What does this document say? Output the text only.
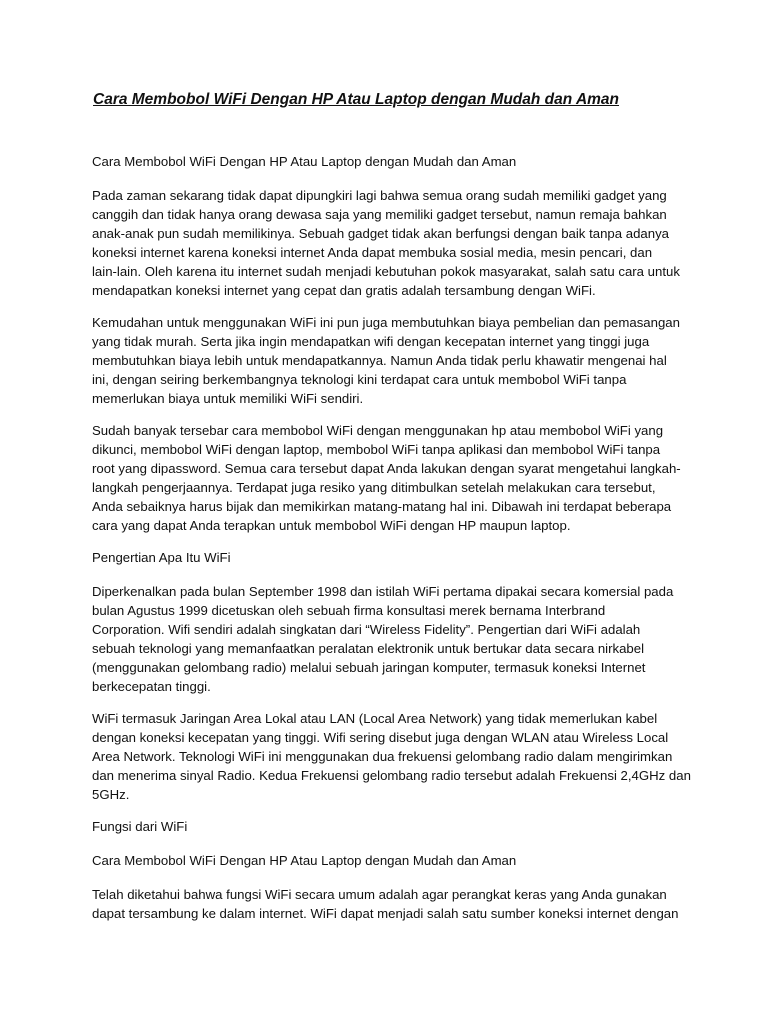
Cara Membobol WiFi Dengan HP Atau Laptop dengan Mudah dan Aman

Cara Membobol WiFi Dengan HP Atau Laptop dengan Mudah dan Aman

Pada zaman sekarang tidak dapat dipungkiri lagi bahwa semua orang sudah memiliki gadget yang
canggih dan tidak hanya orang dewasa saja yang memiliki gadget tersebut, namun remaja bahkan
anak-anak pun sudah memilikinya. Sebuah gadget tidak akan berfungsi dengan baik tanpa adanya
koneksi internet karena koneksi internet Anda dapat membuka sosial media, mesin pencari, dan
lain-lain. Oleh karena itu internet sudah menjadi kebutuhan pokok masyarakat, salah satu cara untuk
mendapatkan koneksi internet yang cepat dan gratis adalah tersambung dengan WiFi.

Kemudahan untuk menggunakan WiFi ini pun juga membutuhkan biaya pembelian dan pemasangan
yang tidak murah. Serta jika ingin mendapatkan wifi dengan kecepatan internet yang tinggi juga
membutuhkan biaya lebih untuk mendapatkannya. Namun Anda tidak perlu khawatir mengenai hal
ini, dengan seiring berkembangnya teknologi kini terdapat cara untuk membobol WiFi tanpa
memerlukan biaya untuk memiliki WiFi sendiri.

Sudah banyak tersebar cara membobol WiFi dengan menggunakan hp atau membobol WiFi yang
dikunci, membobol WiFi dengan laptop, membobol WiFi tanpa aplikasi dan membobol WiFi tanpa
root yang dipassword. Semua cara tersebut dapat Anda lakukan dengan syarat mengetahui langkah-
langkah pengerjaannya. Terdapat juga resiko yang ditimbulkan setelah melakukan cara tersebut,
Anda sebaiknya harus bijak dan memikirkan matang-matang hal ini. Dibawah ini terdapat beberapa
cara yang dapat Anda terapkan untuk membobol WiFi dengan HP maupun laptop.

Pengertian Apa Itu WiFi

Diperkenalkan pada bulan September 1998 dan istilah WiFi pertama dipakai secara komersial pada
bulan Agustus 1999 dicetuskan oleh sebuah firma konsultasi merek bernama Interbrand
Corporation. Wifi sendiri adalah singkatan dari “Wireless Fidelity”. Pengertian dari WiFi adalah
sebuah teknologi yang memanfaatkan peralatan elektronik untuk bertukar data secara nirkabel
(menggunakan gelombang radio) melalui sebuah jaringan komputer, termasuk koneksi Internet
berkecepatan tinggi.

WiFi termasuk Jaringan Area Lokal atau LAN (Local Area Network) yang tidak memerlukan kabel
dengan koneksi kecepatan yang tinggi. Wifi sering disebut juga dengan WLAN atau Wireless Local
Area Network. Teknologi WiFi ini menggunakan dua frekuensi gelombang radio dalam mengirimkan
dan menerima sinyal Radio. Kedua Frekuensi gelombang radio tersebut adalah Frekuensi 2,4GHz dan
5GHz.

Fungsi dari WiFi

Cara Membobol WiFi Dengan HP Atau Laptop dengan Mudah dan Aman

Telah diketahui bahwa fungsi WiFi secara umum adalah agar perangkat keras yang Anda gunakan
dapat tersambung ke dalam internet. WiFi dapat menjadi salah satu sumber koneksi internet dengan
